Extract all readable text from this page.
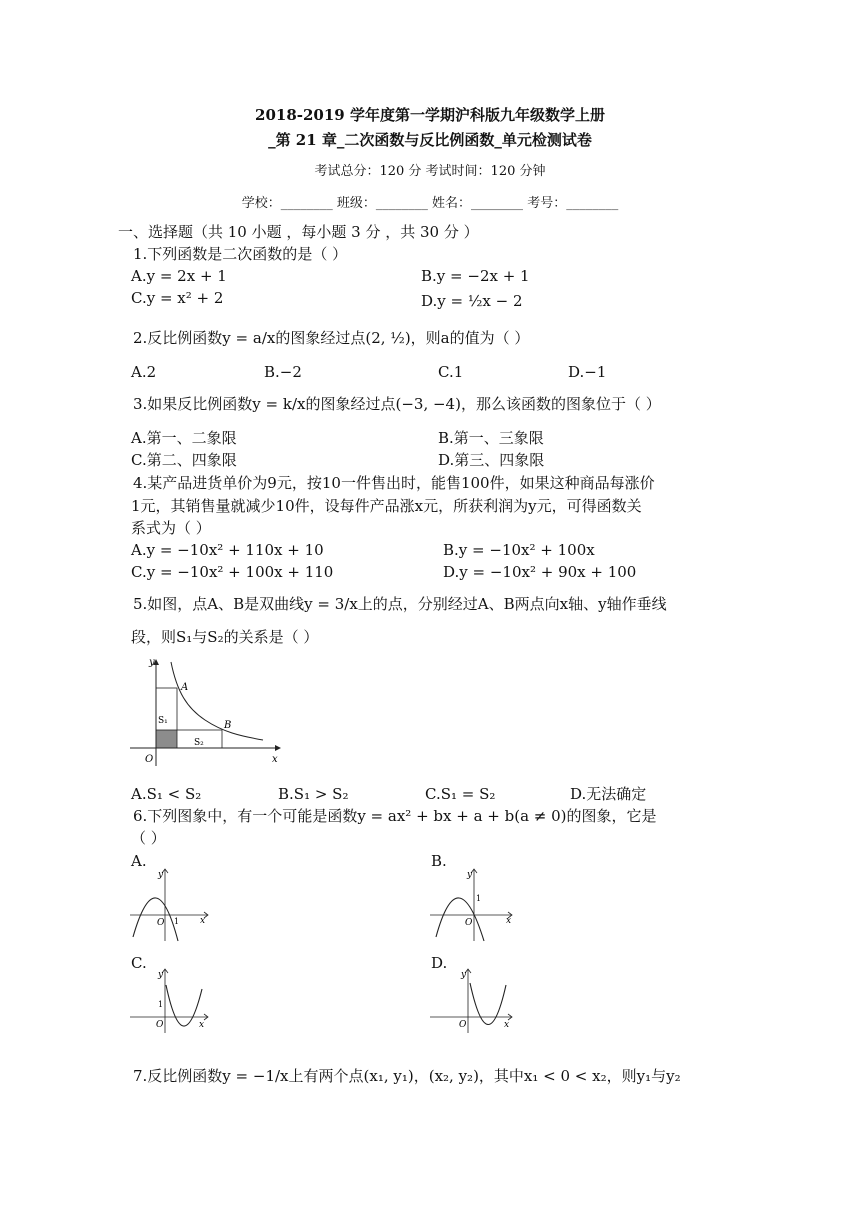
2018-2019 学年度第一学期沪科版九年级数学上册
_第 21 章_二次函数与反比例函数_单元检测试卷
考试总分：120 分 考试时间：120 分钟
学校：________ 班级：________ 姓名：________ 考号：________
一、选择题（共 10 小题 ，每小题 3 分 ，共 30 分 ）
1.下列函数是二次函数的是（ ）
A.y = 2x + 1	B.y = −2x + 1
C.y = x² + 2	D.y = ½x − 2
2.反比例函数y = a/x的图象经过点(2, ½)，则a的值为（ ）
A.2	B.−2	C.1	D.−1
3.如果反比例函数y = k/x的图象经过点(−3, −4)，那么该函数的图象位于（ ）
A.第一、二象限	B.第一、三象限
C.第二、四象限	D.第三、四象限
4.某产品进货单价为9元，按10一件售出时，能售100件，如果这种商品每涨价
1元，其销售量就减少10件，设每件产品涨x元，所获利润为y元，可得函数关
系式为（ ）
A.y = −10x² + 110x + 10	B.y = −10x² + 100x
C.y = −10x² + 100x + 110	D.y = −10x² + 90x + 100
5.如图，点A、B是双曲线y = 3/x上的点，分别经过A、B两点向x轴、y轴作垂线
段，则S₁与S₂的关系是（ ）
y
x
O
A
B
S₁
S₂
A.S₁ < S₂	B.S₁ > S₂	C.S₁ = S₂	D.无法确定
6.下列图象中，有一个可能是函数y = ax² + bx + a + b(a ≠ 0)的图象，它是
（ ）
A.	B.
C.	D.
y
x
O 1
y
x
O
1
y
x
O
1
y
x
O
7.反比例函数y = −1/x上有两个点(x₁, y₁)，(x₂, y₂)，其中x₁ < 0 < x₂，则y₁与y₂
